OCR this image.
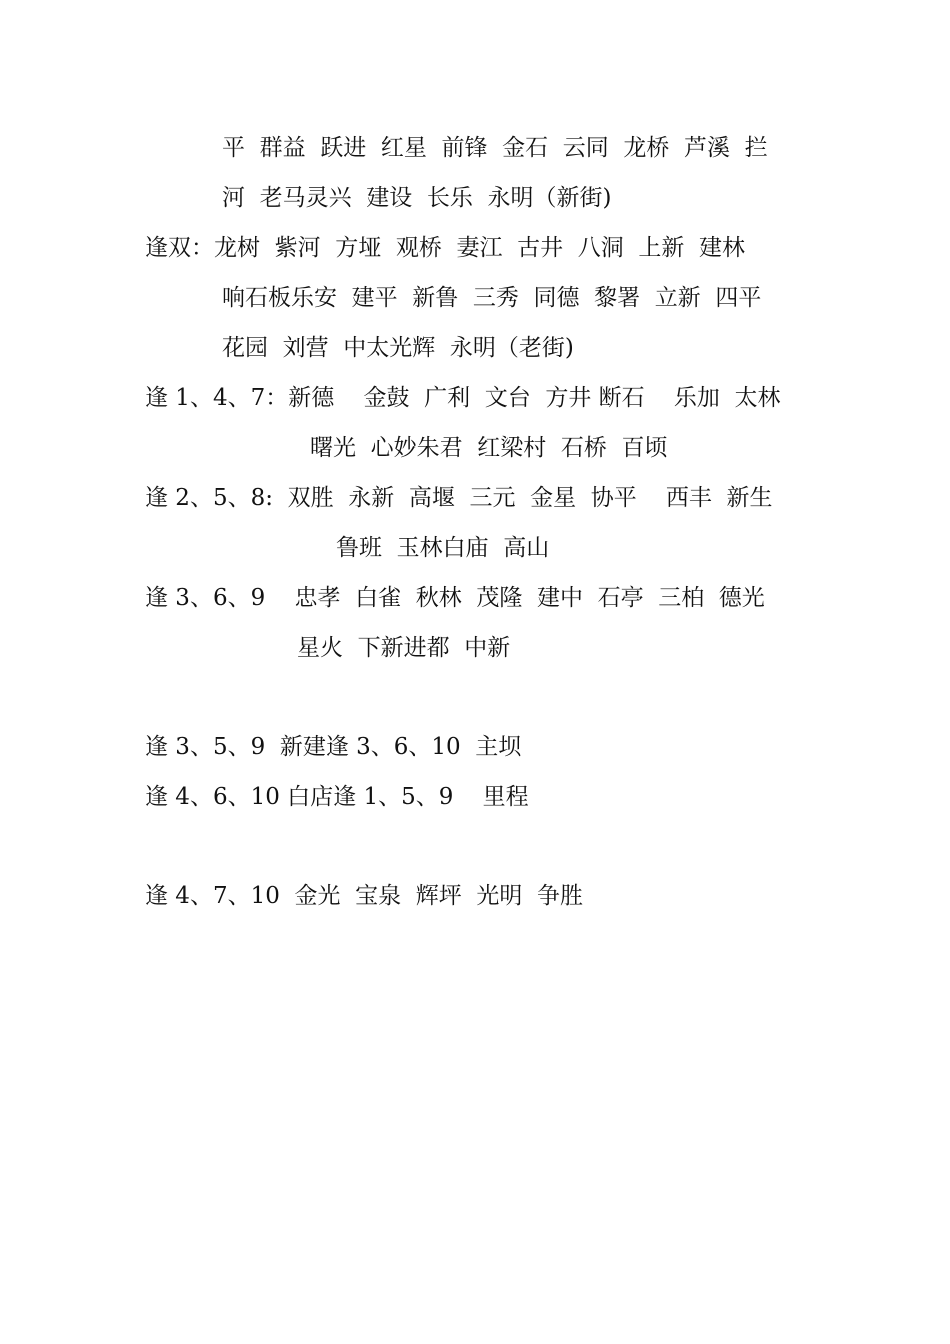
平  群益  跃进  红星  前锋  金石  云同  龙桥  芦溪  拦
河  老马灵兴  建设  长乐  永明（新街)
逢双：龙树  紫河  方垭  观桥  妻江  古井  八洞  上新  建林
响石板乐安  建平  新鲁  三秀  同德  黎署  立新  四平
花园  刘营  中太光辉  永明（老街)
逢 1、4、7：新德    金鼓  广利  文台  方井 断石    乐加  太林
曙光  心妙朱君  红梁村  石桥  百顷
逢 2、5、8:  双胜  永新  高堰  三元  金星  协平    西丰  新生
鲁班  玉林白庙  高山
逢 3、6、9    忠孝  白雀  秋林  茂隆  建中  石亭  三柏  德光
星火  下新进都  中新
逢 3、5、9  新建逢 3、6、10  主坝
逢 4、6、10 白店逢 1、5、9    里程
逢 4、7、10  金光  宝泉  辉坪  光明  争胜
